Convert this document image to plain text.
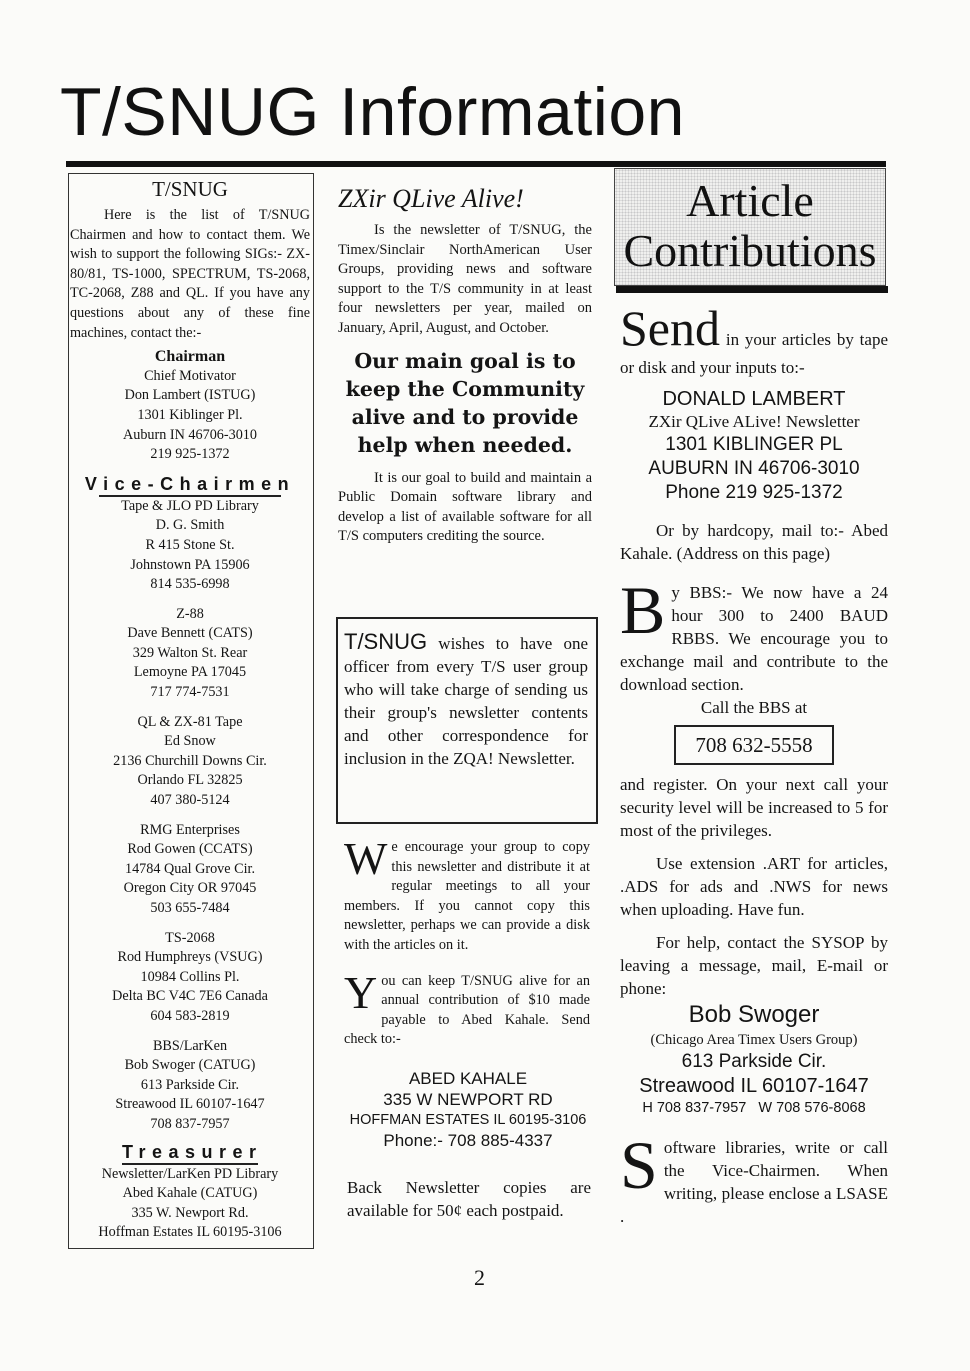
T/SNUG Information
T/SNUG
Here is the list of T/SNUG Chairmen and how to contact them. We wish to support the following SIGs:- ZX-80/81, TS-1000, SPECTRUM, TS-2068, TC-2068, Z88 and QL. If you have any questions about any of these fine machines, contact the:-
Chairman
Chief Motivator
Don Lambert (ISTUG)
1301 Kiblinger Pl.
Auburn IN 46706-3010
219 925-1372
Vice-Chairmen
Tape & JLO PD Library
D. G. Smith
R 415 Stone St.
Johnstown PA 15906
814 535-6998
Z-88
Dave Bennett (CATS)
329 Walton St. Rear
Lemoyne PA 17045
717 774-7531
QL & ZX-81 Tape
Ed Snow
2136 Churchill Downs Cir.
Orlando FL 32825
407 380-5124
RMG Enterprises
Rod Gowen (CCATS)
14784 Qual Grove Cir.
Oregon City OR 97045
503 655-7484
TS-2068
Rod Humphreys (VSUG)
10984 Collins Pl.
Delta BC V4C 7E6 Canada
604 583-2819
BBS/LarKen
Bob Swoger (CATUG)
613 Parkside Cir.
Streawood IL 60107-1647
708 837-7957
Treasurer
Newsletter/LarKen PD Library
Abed Kahale (CATUG)
335 W. Newport Rd.
Hoffman Estates IL 60195-3106
ZXir QLive Alive!
Is the newsletter of T/SNUG, the Timex/Sinclair NorthAmerican User Groups, providing news and software support to the T/S community in at least four newsletters per year, mailed on January, April, August, and October.
Our main goal is to keep the Community alive and to provide help when needed.
It is our goal to build and maintain a Public Domain software library and develop a list of available software for all T/S computers crediting the source.
T/SNUG wishes to have one officer from every T/S user group who will take charge of sending us their group's newsletter contents and other correspondence for inclusion in the ZQA! Newsletter.
We encourage your group to copy this newsletter and distribute it at regular meetings to all your members. If you cannot copy this newsletter, perhaps we can provide a disk with the articles on it.
You can keep T/SNUG alive for an annual contribution of $10 made payable to Abed Kahale. Send check to:-
ABED KAHALE
335 W NEWPORT RD
HOFFMAN ESTATES IL 60195-3106
Phone:- 708 885-4337
Back Newsletter copies are available for 50¢ each postpaid.
Article
Contributions
Send in your articles by tape or disk and your inputs to:-
DONALD LAMBERT
ZXir QLive ALive! Newsletter
1301 KIBLINGER PL
AUBURN IN 46706-3010
Phone 219 925-1372
Or by hardcopy, mail to:- Abed Kahale. (Address on this page)
By BBS:- We now have a 24 hour 300 to 2400 BAUD RBBS. We encourage you to exchange mail and contribute to the download section.
Call the BBS at
708 632-5558
and register. On your next call your security level will be increased to 5 for most of the privileges.
Use extension .ART for articles, .ADS for ads and .NWS for news when uploading. Have fun.
For help, contact the SYSOP by leaving a message, mail, E-mail or phone:
Bob Swoger
(Chicago Area Timex Users Group)
613 Parkside Cir.
Streawood IL 60107-1647
H 708 837-7957   W 708 576-8068
Software libraries, write or call the Vice-Chairmen. When writing, please enclose a LSASE .
2
